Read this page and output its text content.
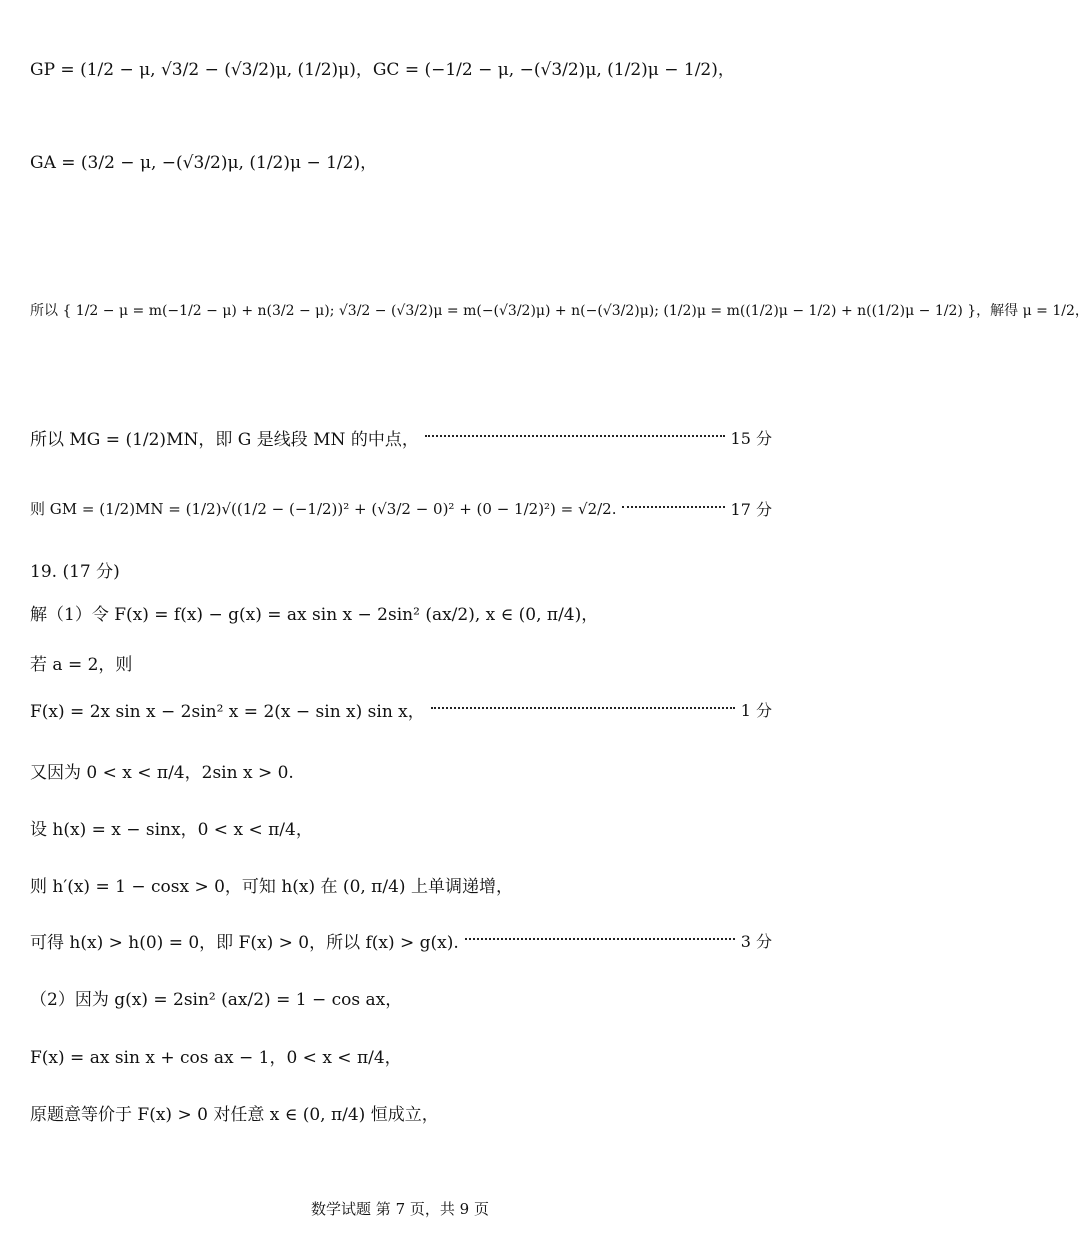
GP = (1/2 − μ, √3/2 − (√3/2)μ, (1/2)μ)，GC = (−1/2 − μ, −(√3/2)μ, (1/2)μ − 1/2)，
GA = (3/2 − μ, −(√3/2)μ, (1/2)μ − 1/2)，
所以 { 1/2 − μ = m(−1/2 − μ) + n(3/2 − μ); √3/2 − (√3/2)μ = m(−(√3/2)μ) + n(−(√3/2)μ); (1/2)μ = m((1/2)μ − 1/2) + n((1/2)μ − 1/2) }，解得 μ = 1/2，
所以 MG = (1/2)MN，即 G 是线段 MN 的中点，	15 分
则 GM = (1/2)MN = (1/2)√((1/2 − (−1/2))² + (√3/2 − 0)² + (0 − 1/2)²) = √2/2.	17 分
19. (17 分)
解（1）令 F(x) = f(x) − g(x) = ax sin x − 2sin² (ax/2), x ∈ (0, π/4)，
若 a = 2，则
F(x) = 2x sin x − 2sin² x = 2(x − sin x) sin x，	1 分
又因为 0 < x < π/4，2sin x > 0.
设 h(x) = x − sinx，0 < x < π/4，
则 h′(x) = 1 − cosx > 0，可知 h(x) 在 (0, π/4) 上单调递增，
可得 h(x) > h(0) = 0，即 F(x) > 0，所以 f(x) > g(x).	3 分
（2）因为 g(x) = 2sin² (ax/2) = 1 − cos ax，
F(x) = ax sin x + cos ax − 1，0 < x < π/4，
原题意等价于 F(x) > 0 对任意 x ∈ (0, π/4) 恒成立，
数学试题 第 7 页，共 9 页
